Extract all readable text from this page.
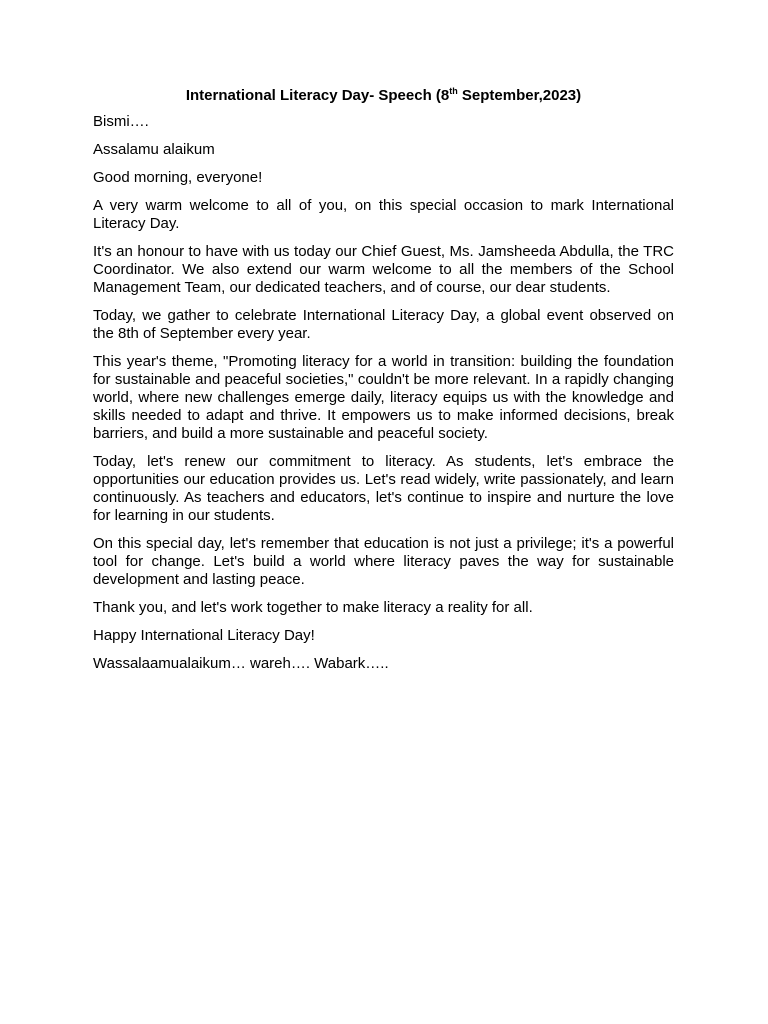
International Literacy Day- Speech (8th September,2023)

Bismi….

Assalamu alaikum

Good morning, everyone!

A very warm welcome to all of you, on this special occasion to mark International Literacy Day.

It's an honour to have with us today our Chief Guest, Ms. Jamsheeda Abdulla, the TRC Coordinator. We also extend our warm welcome to all the members of the School Management Team, our dedicated teachers, and of course, our dear students.

Today, we gather to celebrate International Literacy Day, a global event observed on the 8th of September every year.

This year's theme, "Promoting literacy for a world in transition: building the foundation for sustainable and peaceful societies," couldn't be more relevant. In a rapidly changing world, where new challenges emerge daily, literacy equips us with the knowledge and skills needed to adapt and thrive. It empowers us to make informed decisions, break barriers, and build a more sustainable and peaceful society.

Today, let's renew our commitment to literacy. As students, let's embrace the opportunities our education provides us. Let's read widely, write passionately, and learn continuously. As teachers and educators, let's continue to inspire and nurture the love for learning in our students.

On this special day, let's remember that education is not just a privilege; it's a powerful tool for change. Let's build a world where literacy paves the way for sustainable development and lasting peace.

Thank you, and let's work together to make literacy a reality for all.

Happy International Literacy Day!

Wassalaamualaikum… wareh…. Wabark…..
